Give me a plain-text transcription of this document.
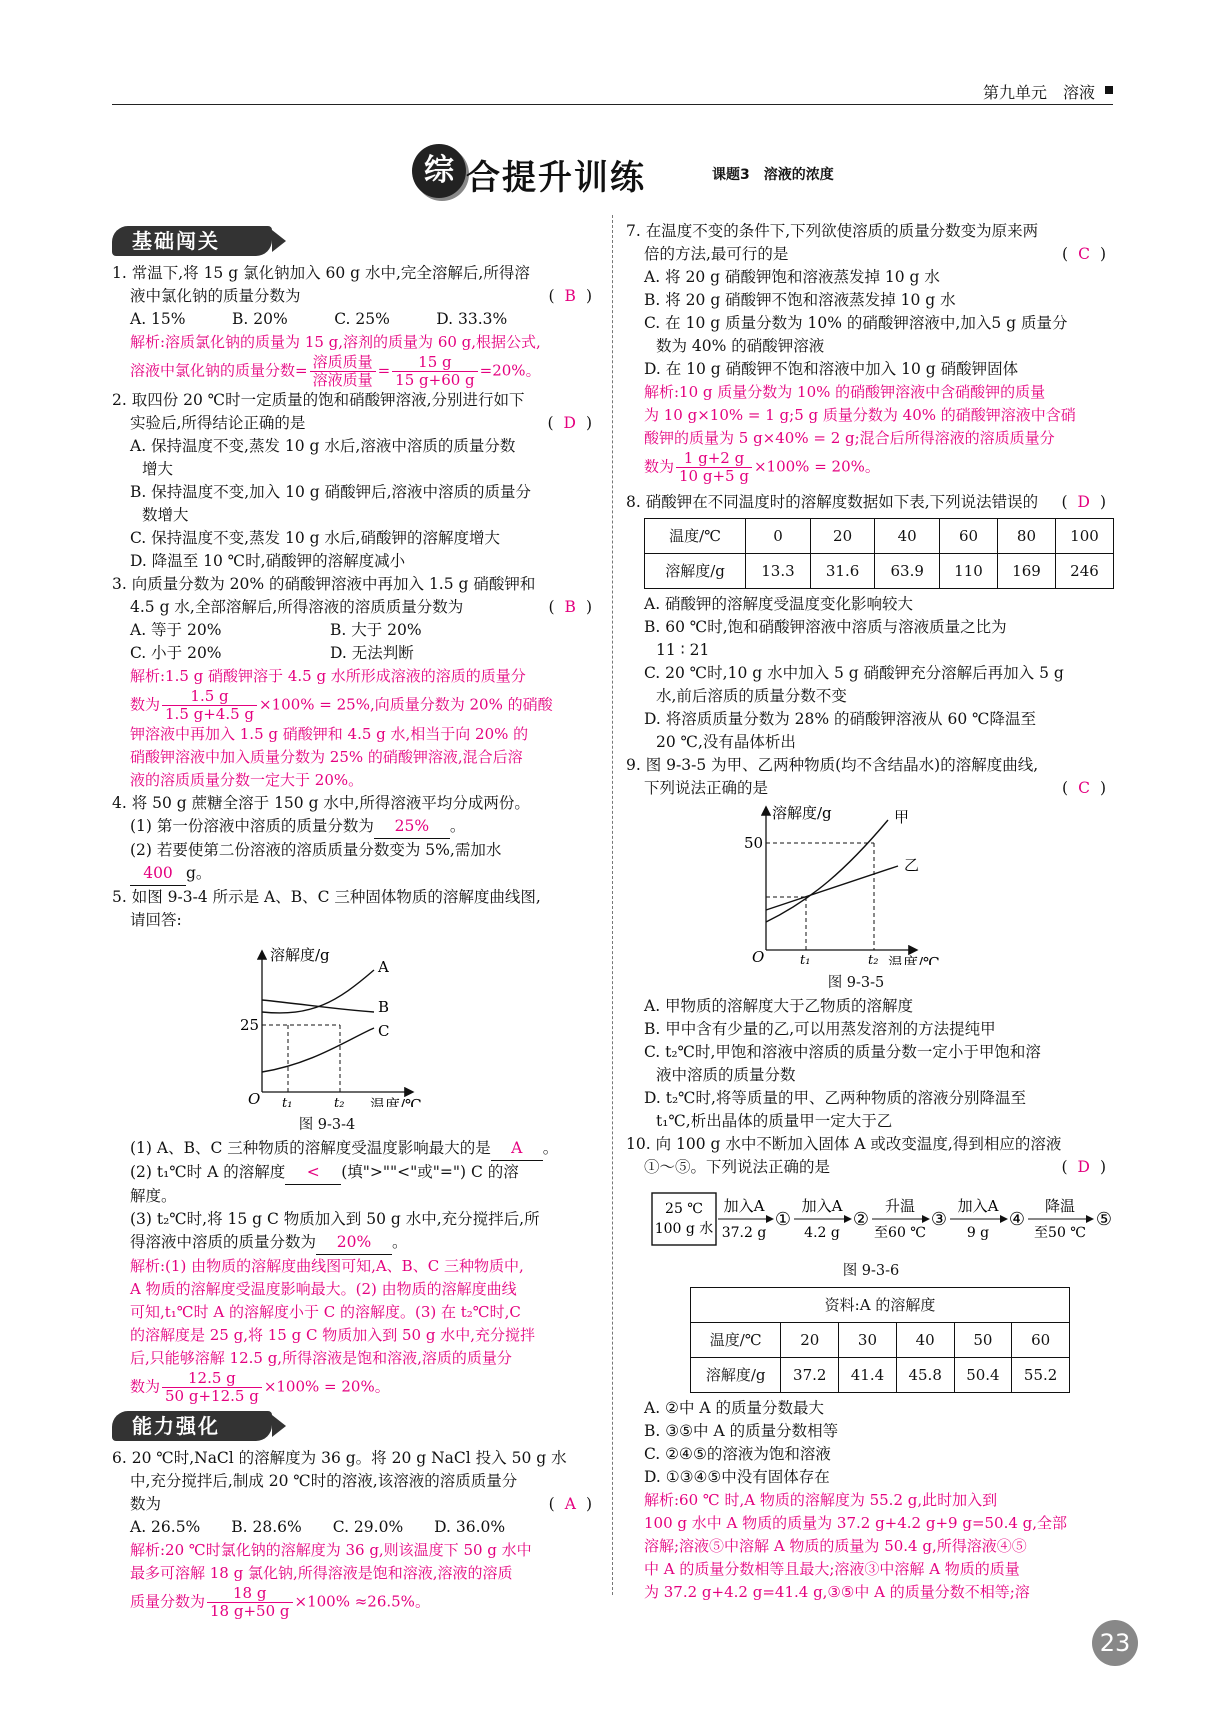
第九单元　溶液
综 合提升训练	课题3　溶液的浓度
基础闯关

1. 常温下,将 15 g 氯化钠加入 60 g 水中,完全溶解后,所得溶

液中氯化钠的质量分数为	(B)

A. 15%　　　B. 20%　　　C. 25%　　　D. 33.3%

解析:溶质氯化钠的质量为 15 g,溶剂的质量为 60 g,根据公式,

溶液中氯化钠的质量分数= $\frac{\text{溶质质量}}{\text{溶液质量}} = \frac{15 g}{15 g+60 g} =20\%$。

2. 取四份 20 ℃时一定质量的饱和硝酸钾溶液,分别进行如下

实验后,所得结论正确的是	(D)

A. 保持温度不变,蒸发 10 g 水后,溶液中溶质的质量分数

增大

B. 保持温度不变,加入 10 g 硝酸钾后,溶液中溶质的质量分

数增大

C. 保持温度不变,蒸发 10 g 水后,硝酸钾的溶解度增大

D. 降温至 10 ℃时,硝酸钾的溶解度减小

3. 向质量分数为 20% 的硝酸钾溶液中再加入 1.5 g 硝酸钾和

4.5 g 水,全部溶解后,所得溶液的溶质质量分数为	(B)

A. 等于 20%	B. 大于 20%

C. 小于 20%	D. 无法判断

解析:1.5 g 硝酸钾溶于 4.5 g 水所形成溶液的溶质的质量分

数为 $\frac{1.5 g}{1.5 g+4.5 g} \times 100\% = 25\%$,向质量分数为 20% 的硝酸

钾溶液中再加入 1.5 g 硝酸钾和 4.5 g 水,相当于向 20% 的

硝酸钾溶液中加入质量分数为 25% 的硝酸钾溶液,混合后溶

液的溶质质量分数一定大于 20%。

4. 将 50 g 蔗糖全溶于 150 g 水中,所得溶液平均分成两份。

(1) 第一份溶液中溶质的质量分数为 25% 。

(2) 若要使第二份溶液的溶质质量分数变为 5%,需加水

400 g。

5. 如图 9-3-4 所示是 A、B、C 三种固体物质的溶解度曲线图,

请回答:

溶解度/g
温度/℃
O
25
t₁	t₂
A
B
C

图 9-3-4

(1) A、B、C 三种物质的溶解度受温度影响最大的是 A 。

(2) t₁℃时 A 的溶解度 < (填">""<"或"=") C 的溶

解度。

(3) t₂℃时,将 15 g C 物质加入到 50 g 水中,充分搅拌后,所

得溶液中溶质的质量分数为 20% 。

解析:(1) 由物质的溶解度曲线图可知,A、B、C 三种物质中,

A 物质的溶解度受温度影响最大。(2) 由物质的溶解度曲线

可知,t₁℃时 A 的溶解度小于 C 的溶解度。(3) 在 t₂℃时,C

的溶解度是 25 g,将 15 g C 物质加入到 50 g 水中,充分搅拌

后,只能够溶解 12.5 g,所得溶液是饱和溶液,溶质的质量分

数为 $\frac{12.5 g}{50 g+12.5 g} \times 100\% = 20\%$。

能力强化

6. 20 ℃时,NaCl 的溶解度为 36 g。将 20 g NaCl 投入 50 g 水

中,充分搅拌后,制成 20 ℃时的溶液,该溶液的溶质质量分

数为	(A)

A. 26.5%　　B. 28.6%　　C. 29.0%　　D. 36.0%

解析:20 ℃时氯化钠的溶解度为 36 g,则该温度下 50 g 水中

最多可溶解 18 g 氯化钠,所得溶液是饱和溶液,溶液的溶质

质量分数为 $\frac{18 g}{18 g+50 g} \times 100\% \approx 26.5\%$。

7. 在温度不变的条件下,下列欲使溶质的质量分数变为原来两

倍的方法,最可行的是	(C)

A. 将 20 g 硝酸钾饱和溶液蒸发掉 10 g 水

B. 将 20 g 硝酸钾不饱和溶液蒸发掉 10 g 水

C. 在 10 g 质量分数为 10% 的硝酸钾溶液中,加入5 g 质量分

数为 40% 的硝酸钾溶液

D. 在 10 g 硝酸钾不饱和溶液中加入 10 g 硝酸钾固体

解析:10 g 质量分数为 10% 的硝酸钾溶液中含硝酸钾的质量

为 10 g×10% = 1 g;5 g 质量分数为 40% 的硝酸钾溶液中含硝

酸钾的质量为 5 g×40% = 2 g;混合后所得溶液的溶质质量分

数为 $\frac{1 g+2 g}{10 g+5 g} \times 100\% = 20\%$。

8. 硝酸钾在不同温度时的溶解度数据如下表,下列说法错误的 (D)

温度/℃	0	20	40	60	80	100
溶解度/g	13.3	31.6	63.9	110	169	246

A. 硝酸钾的溶解度受温度变化影响较大

B. 60 ℃时,饱和硝酸钾溶液中溶质与溶液质量之比为

11 ∶ 21

C. 20 ℃时,10 g 水中加入 5 g 硝酸钾充分溶解后再加入 5 g

水,前后溶质的质量分数不变

D. 将溶质质量分数为 28% 的硝酸钾溶液从 60 ℃降温至

20 ℃,没有晶体析出

9. 图 9-3-5 为甲、乙两种物质(均不含结晶水)的溶解度曲线,

下列说法正确的是	(C)

溶解度/g
温度/℃
O
50
t₁	t₂
甲
乙

图 9-3-5

A. 甲物质的溶解度大于乙物质的溶解度

B. 甲中含有少量的乙,可以用蒸发溶剂的方法提纯甲

C. t₂℃时,甲饱和溶液中溶质的质量分数一定小于甲饱和溶

液中溶质的质量分数

D. t₂℃时,将等质量的甲、乙两种物质的溶液分别降温至

t₁℃,析出晶体的质量甲一定大于乙

10. 向 100 g 水中不断加入固体 A 或改变温度,得到相应的溶液

①～⑤。下列说法正确的是	(D)

25 ℃
100 g 水
加入A
37.2 g
①
加入A
4.2 g
②
升温
至60 ℃
③
加入A
9 g
④
降温
至50 ℃
⑤

图 9-3-6

资料:A 的溶解度					
温度/℃	20	30	40	50	60
溶解度/g	37.2	41.4	45.8	50.4	55.2

A. ②中 A 的质量分数最大

B. ③⑤中 A 的质量分数相等

C. ②④⑤的溶液为饱和溶液

D. ①③④⑤中没有固体存在

解析:60 ℃ 时,A 物质的溶解度为 55.2 g,此时加入到

100 g 水中 A 物质的质量为 37.2 g+4.2 g+9 g=50.4 g,全部

溶解;溶液⑤中溶解 A 物质的质量为 50.4 g,所得溶液④⑤

中 A 的质量分数相等且最大;溶液③中溶解 A 物质的质量

为 37.2 g+4.2 g=41.4 g,③⑤中 A 的质量分数不相等;溶

23
